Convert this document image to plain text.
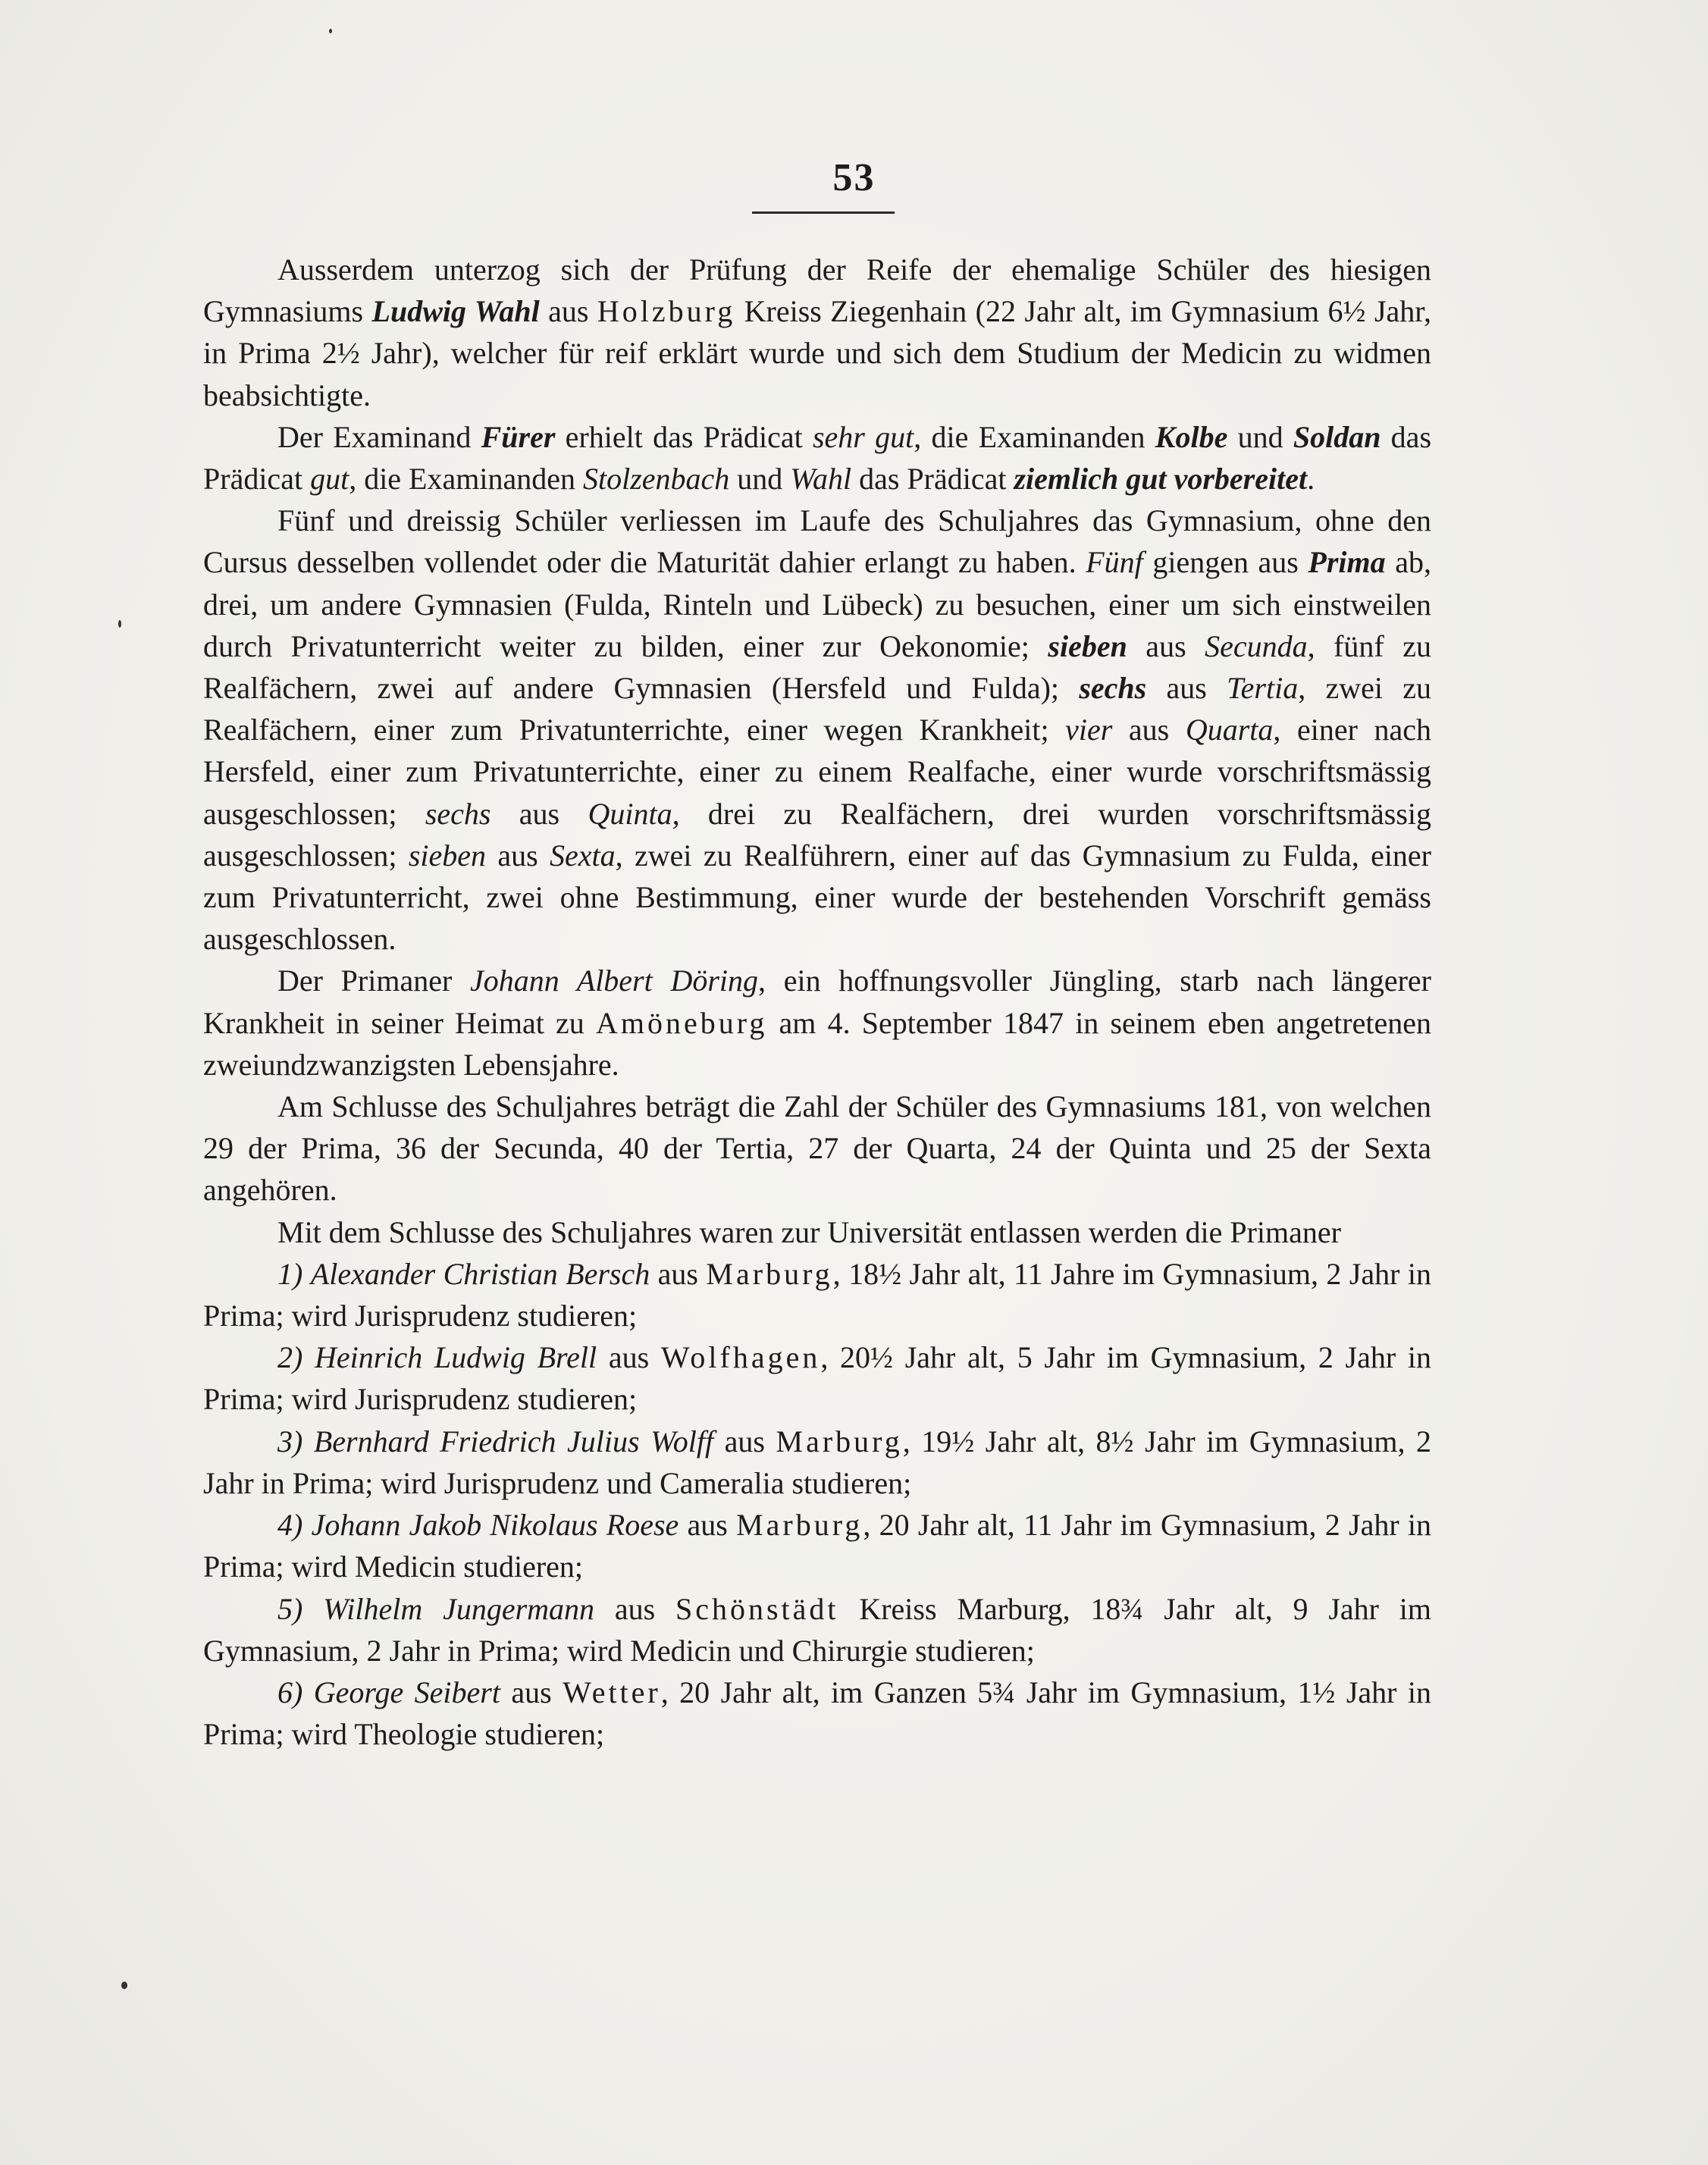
53

Ausserdem unterzog sich der Prüfung der Reife der ehemalige Schüler des hiesigen Gymnasiums Ludwig Wahl aus Holzburg Kreiss Ziegenhain (22 Jahr alt, im Gymnasium 6½ Jahr, in Prima 2½ Jahr), welcher für reif erklärt wurde und sich dem Studium der Medicin zu widmen beabsichtigte.

Der Examinand Fürer erhielt das Prädicat sehr gut, die Examinanden Kolbe und Soldan das Prädicat gut, die Examinanden Stolzenbach und Wahl das Prädicat ziemlich gut vorbereitet.

Fünf und dreissig Schüler verliessen im Laufe des Schuljahres das Gymnasium, ohne den Cursus desselben vollendet oder die Maturität dahier erlangt zu haben. Fünf giengen aus Prima ab, drei, um andere Gymnasien (Fulda, Rinteln und Lübeck) zu besuchen, einer um sich einstweilen durch Privatunterricht weiter zu bilden, einer zur Oekonomie; sieben aus Secunda, fünf zu Realfächern, zwei auf andere Gymnasien (Hersfeld und Fulda); sechs aus Tertia, zwei zu Realfächern, einer zum Privatunterrichte, einer wegen Krankheit; vier aus Quarta, einer nach Hersfeld, einer zum Privatunterrichte, einer zu einem Realfache, einer wurde vorschriftsmässig ausgeschlossen; sechs aus Quinta, drei zu Realfächern, drei wurden vorschriftsmässig ausgeschlossen; sieben aus Sexta, zwei zu Realführern, einer auf das Gymnasium zu Fulda, einer zum Privatunterricht, zwei ohne Bestimmung, einer wurde der bestehenden Vorschrift gemäss ausgeschlossen.

Der Primaner Johann Albert Döring, ein hoffnungsvoller Jüngling, starb nach längerer Krankheit in seiner Heimat zu Amöneburg am 4. September 1847 in seinem eben angetretenen zweiundzwanzigsten Lebensjahre.

Am Schlusse des Schuljahres beträgt die Zahl der Schüler des Gymnasiums 181, von welchen 29 der Prima, 36 der Secunda, 40 der Tertia, 27 der Quarta, 24 der Quinta und 25 der Sexta angehören.

Mit dem Schlusse des Schuljahres waren zur Universität entlassen werden die Primaner

1) Alexander Christian Bersch aus Marburg, 18½ Jahr alt, 11 Jahre im Gymnasium, 2 Jahr in Prima; wird Jurisprudenz studieren;

2) Heinrich Ludwig Brell aus Wolfhagen, 20½ Jahr alt, 5 Jahr im Gymnasium, 2 Jahr in Prima; wird Jurisprudenz studieren;

3) Bernhard Friedrich Julius Wolff aus Marburg, 19½ Jahr alt, 8½ Jahr im Gymnasium, 2 Jahr in Prima; wird Jurisprudenz und Cameralia studieren;

4) Johann Jakob Nikolaus Roese aus Marburg, 20 Jahr alt, 11 Jahr im Gymnasium, 2 Jahr in Prima; wird Medicin studieren;

5) Wilhelm Jungermann aus Schönstädt Kreiss Marburg, 18¾ Jahr alt, 9 Jahr im Gymnasium, 2 Jahr in Prima; wird Medicin und Chirurgie studieren;

6) George Seibert aus Wetter, 20 Jahr alt, im Ganzen 5¾ Jahr im Gymnasium, 1½ Jahr in Prima; wird Theologie studieren;
